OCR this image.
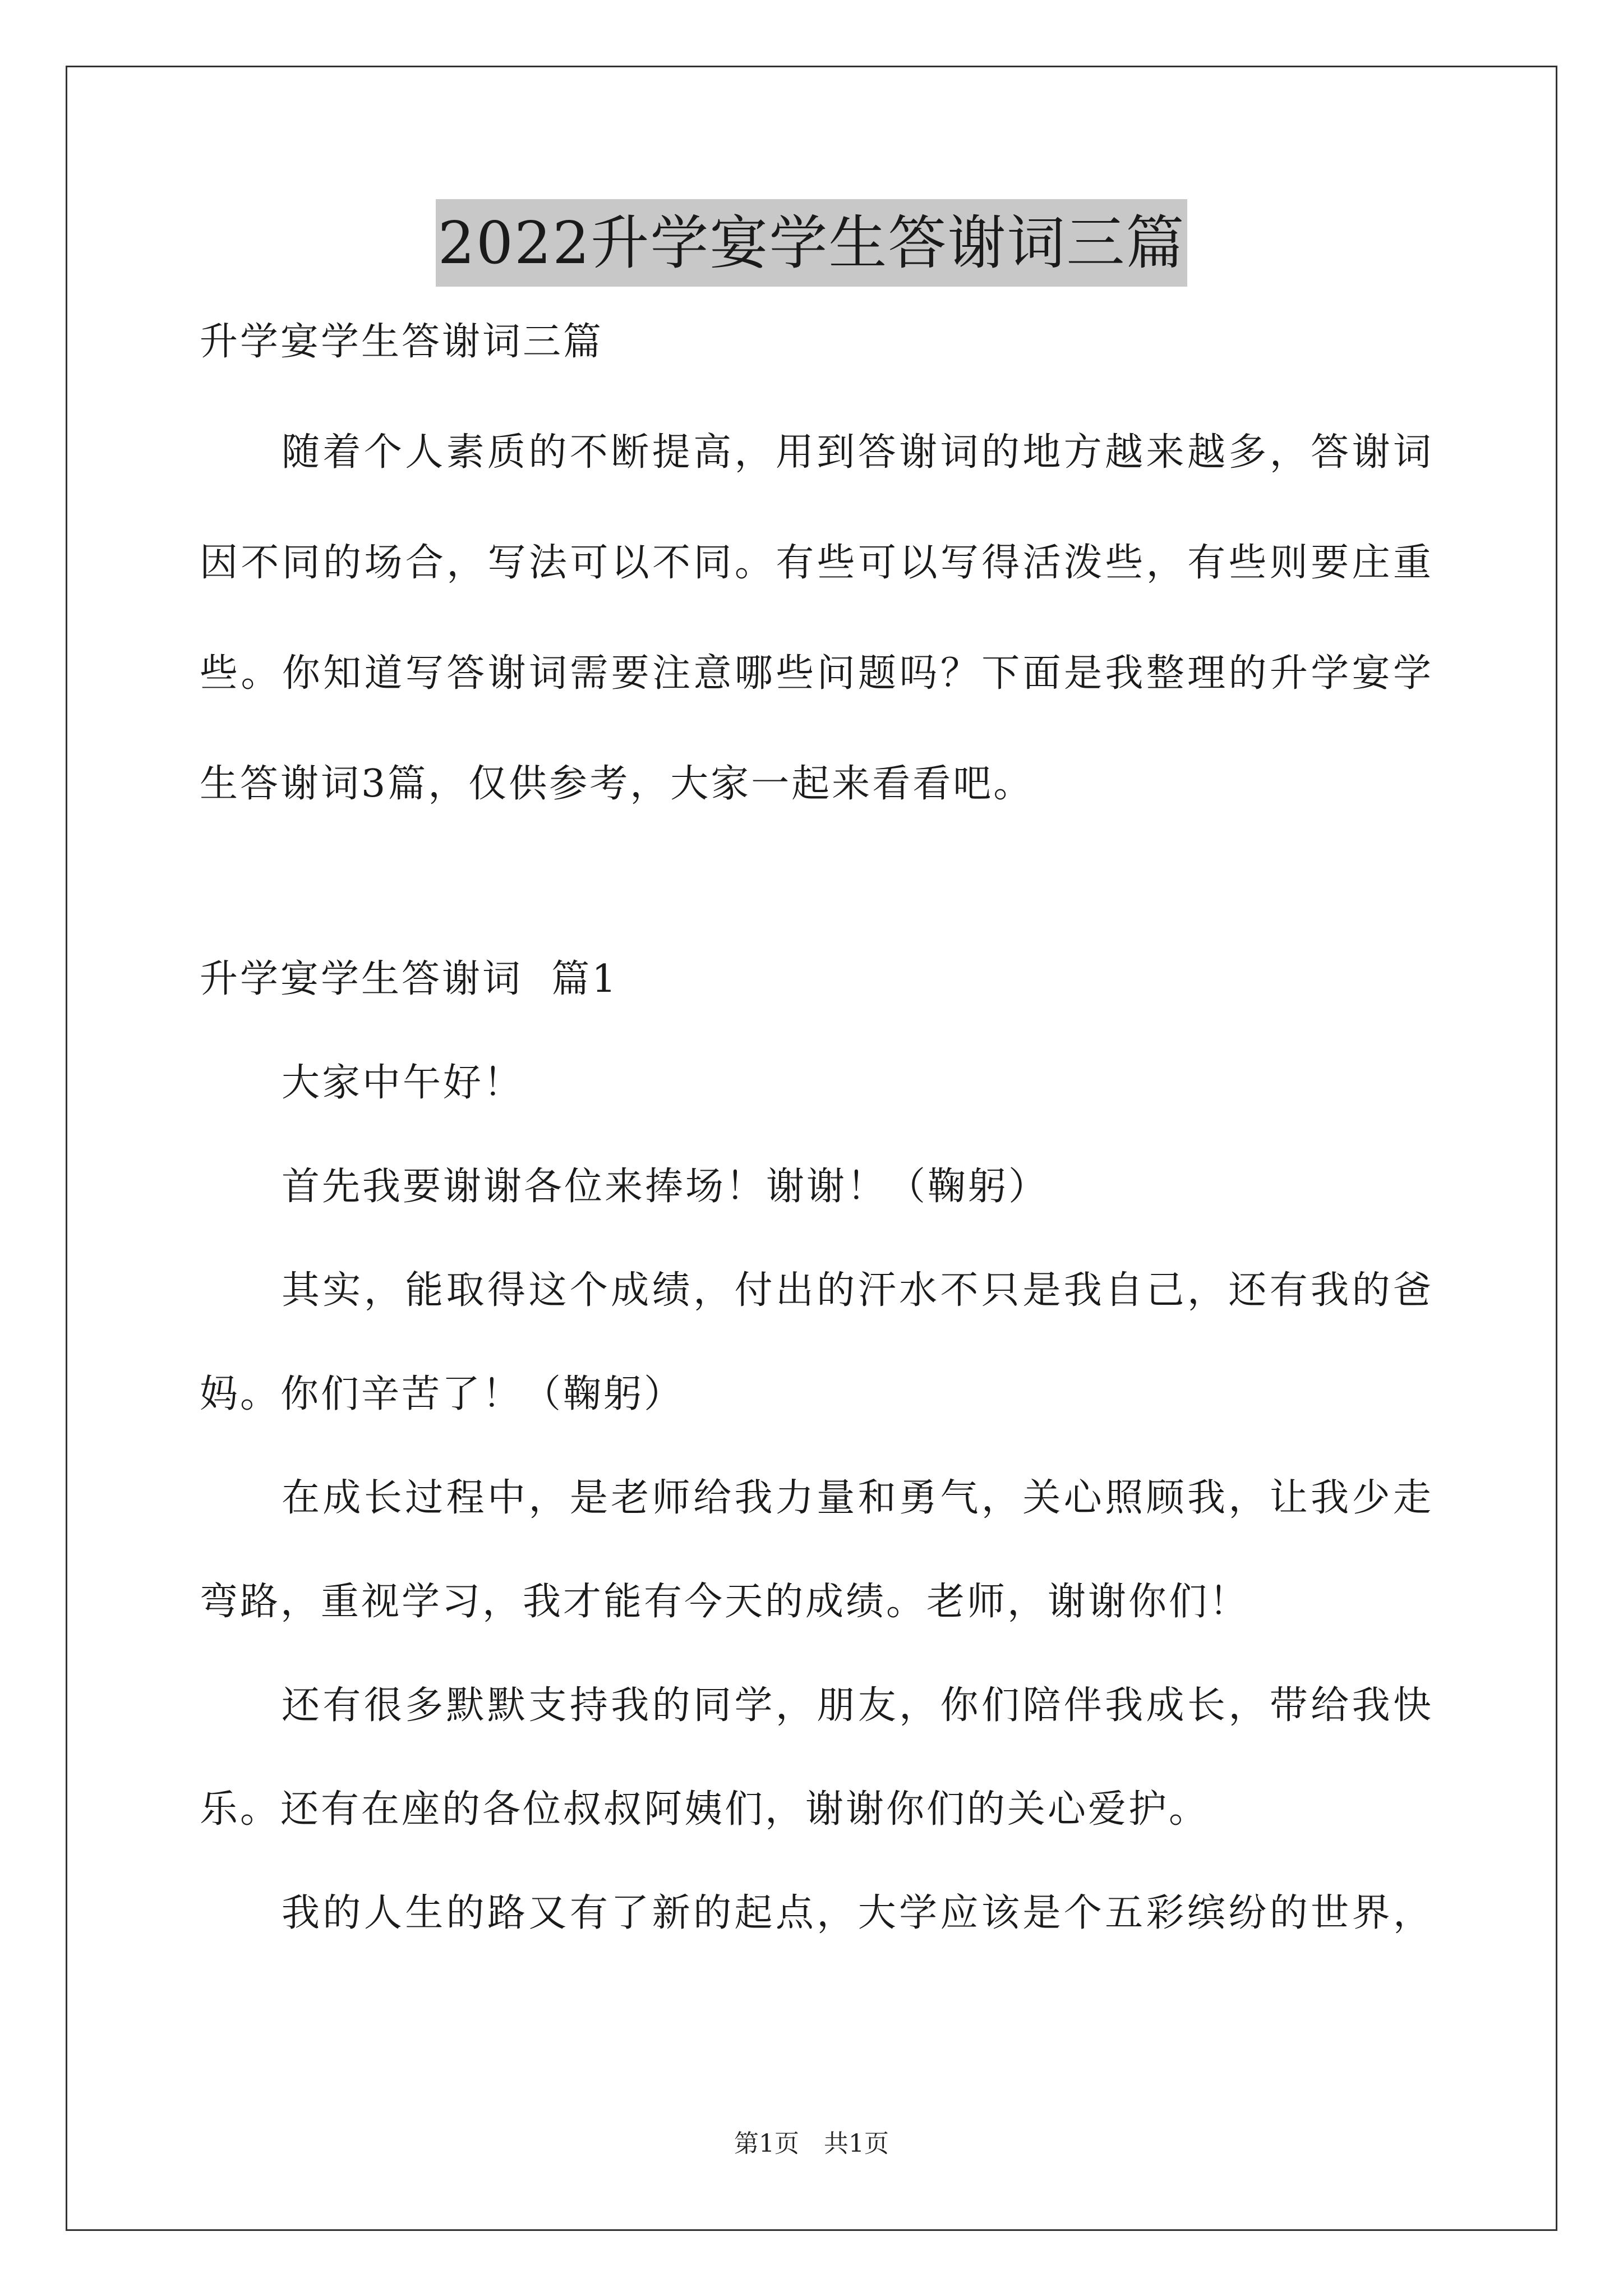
2022升学宴学生答谢词三篇
升学宴学生答谢词三篇
随着个人素质的不断提高，用到答谢词的地方越来越多，答谢词
因不同的场合，写法可以不同。有些可以写得活泼些，有些则要庄重
些。你知道写答谢词需要注意哪些问题吗？下面是我整理的升学宴学
生答谢词3篇，仅供参考，大家一起来看看吧。
升学宴学生答谢词  篇1
大家中午好！
首先我要谢谢各位来捧场！谢谢！（鞠躬）
其实，能取得这个成绩，付出的汗水不只是我自己，还有我的爸
妈。你们辛苦了！（鞠躬）
在成长过程中，是老师给我力量和勇气，关心照顾我，让我少走
弯路，重视学习，我才能有今天的成绩。老师，谢谢你们！
还有很多默默支持我的同学，朋友，你们陪伴我成长，带给我快
乐。还有在座的各位叔叔阿姨们，谢谢你们的关心爱护。
我的人生的路又有了新的起点，大学应该是个五彩缤纷的世界，
第1页　共1页
